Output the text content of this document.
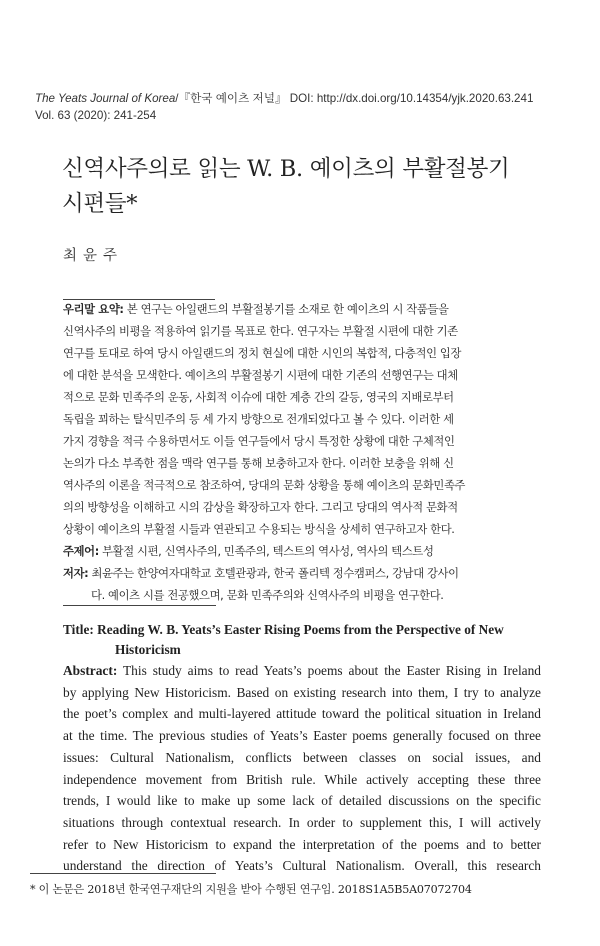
The Yeats Journal of Korea/『한국 예이츠 저널』 DOI: http://dx.doi.org/10.14354/yjk.2020.63.241
Vol. 63 (2020): 241-254
신역사주의로 읽는 W. B. 예이츠의 부활절봉기
시편들*
최윤주
우리말 요약: 본 연구는 아일랜드의 부활절봉기를 소재로 한 예이츠의 시 작품들을
신역사주의 비평을 적용하여 읽기를 목표로 한다. 연구자는 부활절 시편에 대한 기존
연구를 토대로 하여 당시 아일랜드의 정치 현실에 대한 시인의 복합적, 다층적인 입장
에 대한 분석을 모색한다. 예이츠의 부활절봉기 시편에 대한 기존의 선행연구는 대체
적으로 문화 민족주의 운동, 사회적 이슈에 대한 계층 간의 갈등, 영국의 지배로부터
독립을 꾀하는 탈식민주의 등 세 가지 방향으로 전개되었다고 볼 수 있다. 이러한 세
가지 경향을 적극 수용하면서도 이들 연구들에서 당시 특정한 상황에 대한 구체적인
논의가 다소 부족한 점을 맥락 연구를 통해 보충하고자 한다. 이러한 보충을 위해 신
역사주의 이론을 적극적으로 참조하여, 당대의 문화 상황을 통해 예이츠의 문화민족주
의의 방향성을 이해하고 시의 감상을 확장하고자 한다. 그리고 당대의 역사적 문화적
상황이 예이츠의 부활절 시들과 연관되고 수용되는 방식을 상세히 연구하고자 한다.
주제어: 부활절 시편, 신역사주의, 민족주의, 텍스트의 역사성, 역사의 텍스트성
저자: 최윤주는 한양여자대학교 호텔관광과, 한국 폴리텍 정수캠퍼스, 강남대 강사이
다. 예이츠 시를 전공했으며, 문화 민족주의와 신역사주의 비평을 연구한다.
Title: Reading W. B. Yeats’s Easter Rising Poems from the Perspective of New
Historicism
Abstract: This study aims to read Yeats’s poems about the Easter Rising in Ireland
by applying New Historicism. Based on existing research into them, I try to analyze
the poet’s complex and multi-layered attitude toward the political situation in Ireland
at the time. The previous studies of Yeats’s Easter poems generally focused on three
issues: Cultural Nationalism, conflicts between classes on social issues, and
independence movement from British rule. While actively accepting these three
trends, I would like to make up some lack of detailed discussions on the specific
situations through contextual research. In order to supplement this, I will actively
refer to New Historicism to expand the interpretation of the poems and to better
understand the direction of Yeats’s Cultural Nationalism. Overall, this research
* 이 논문은 2018년 한국연구재단의 지원을 받아 수행된 연구임. 2018S1A5B5A07072704
